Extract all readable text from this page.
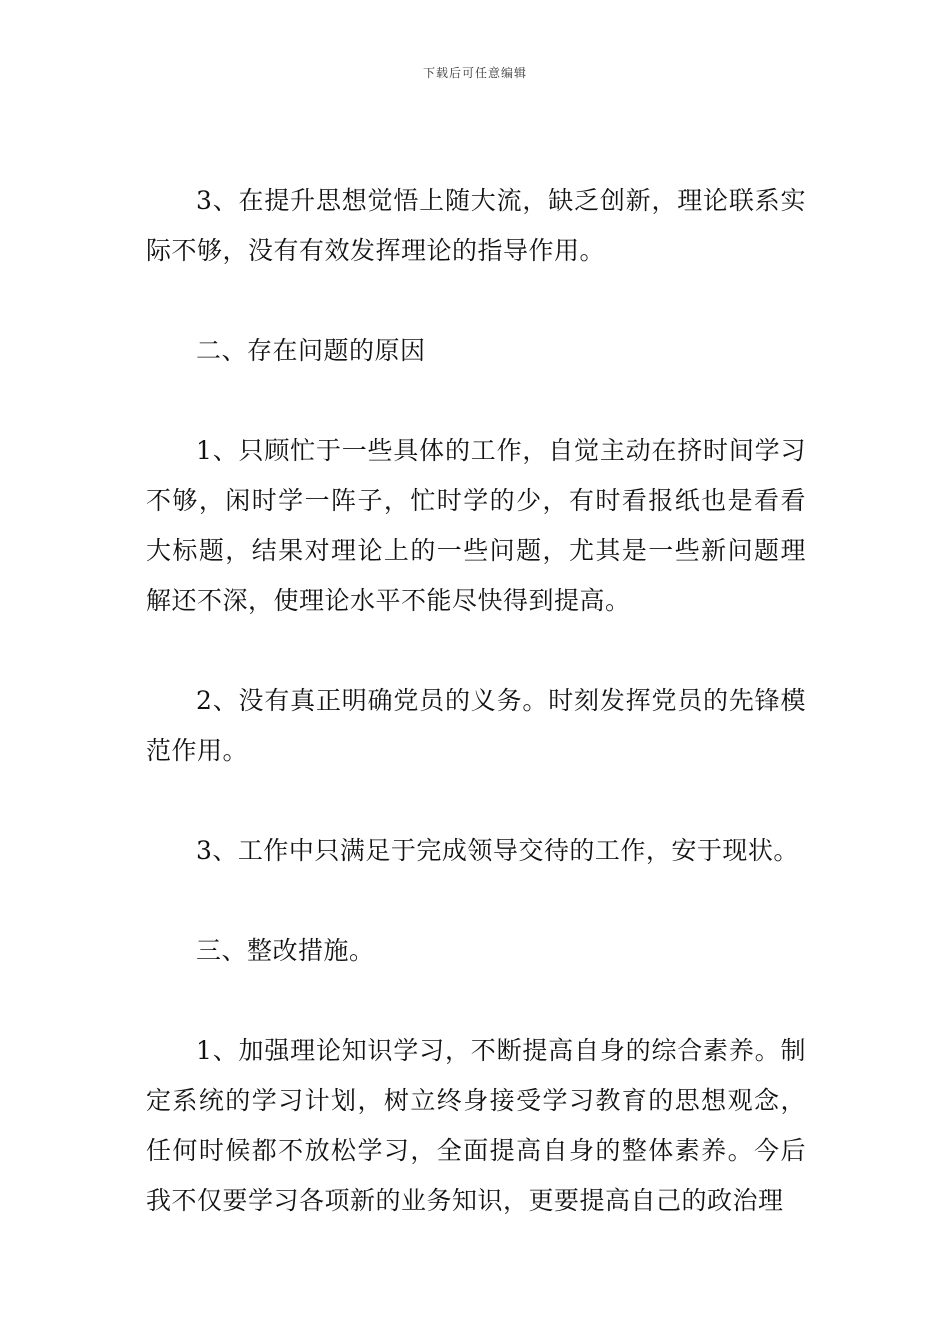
下载后可任意编辑

3、在提升思想觉悟上随大流，缺乏创新，理论联系实际不够，没有有效发挥理论的指导作用。

二、存在问题的原因

1、只顾忙于一些具体的工作，自觉主动在挤时间学习不够，闲时学一阵子，忙时学的少，有时看报纸也是看看大标题，结果对理论上的一些问题，尤其是一些新问题理解还不深，使理论水平不能尽快得到提高。

2、没有真正明确党员的义务。时刻发挥党员的先锋模范作用。

3、工作中只满足于完成领导交待的工作，安于现状。

三、整改措施。

1、加强理论知识学习，不断提高自身的综合素养。制定系统的学习计划，树立终身接受学习教育的思想观念，任何时候都不放松学习，全面提高自身的整体素养。今后我不仅要学习各项新的业务知识，更要提高自己的政治理
